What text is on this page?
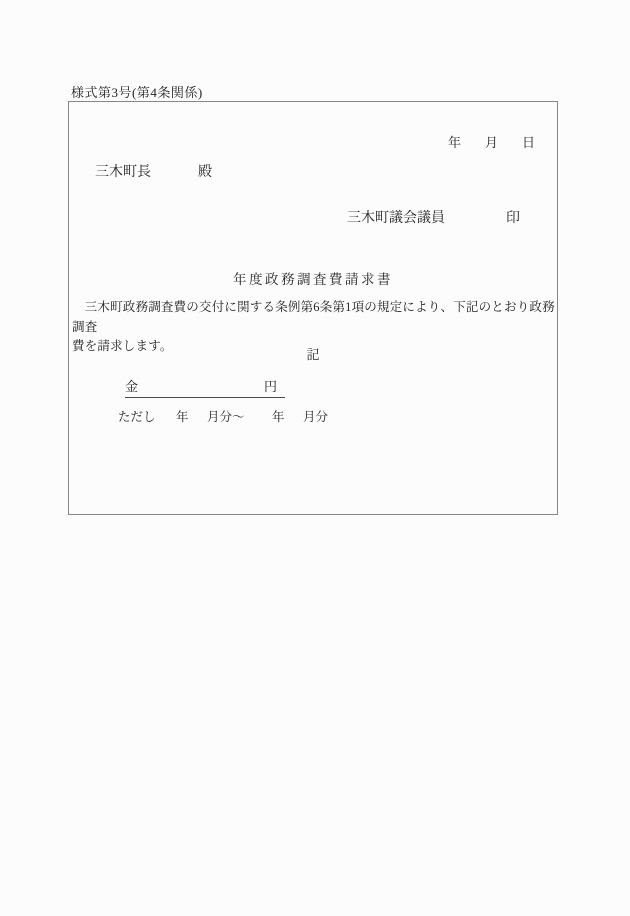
様式第3号(第4条関係)
年 月 日
三木町長	殿
三木町議会議員	印
年度政務調査費請求書
　三木町政務調査費の交付に関する条例第6条第1項の規定により、下記のとおり政務調査
費を請求します。
記
金	円
ただし 年 月分～ 年 月分
